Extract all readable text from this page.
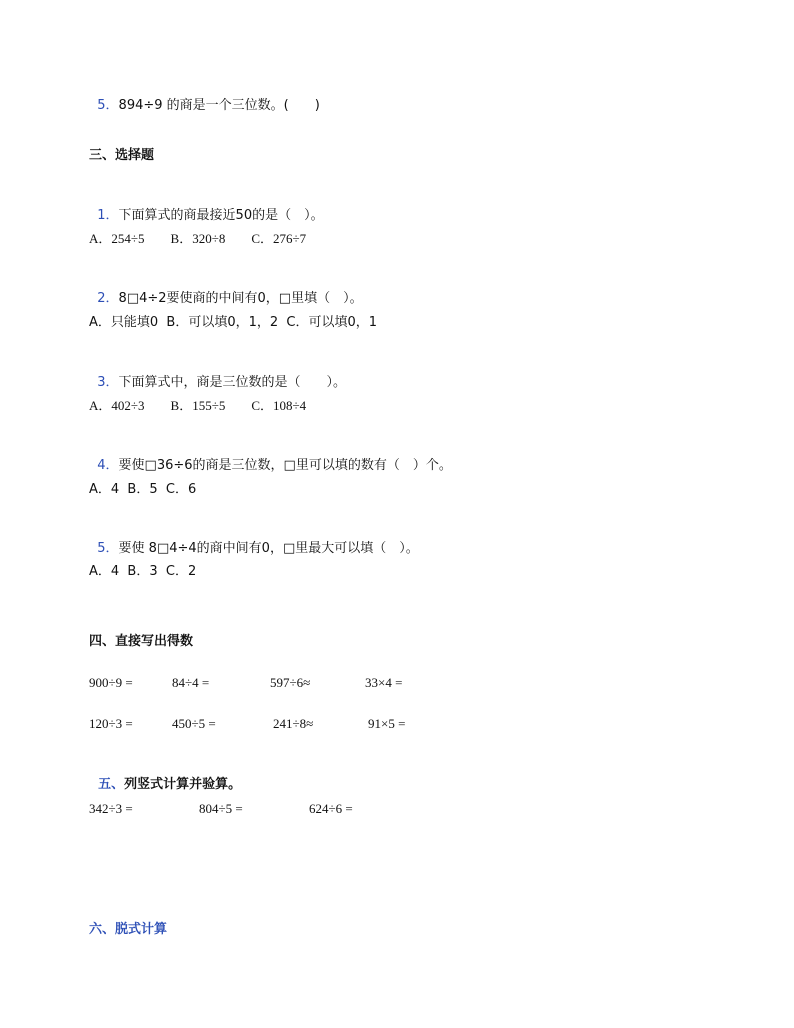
5．894÷9 的商是一个三位数。(　　)

三、选择题

1．下面算式的商最接近50的是（　）。

A．254÷5　　B．320÷8　　C．276÷7

2．8□4÷2要使商的中间有0，□里填（　）。

A．只能填0  B．可以填0，1，2  C．可以填0，1

3．下面算式中，商是三位数的是（　　）。

A．402÷3　　B．155÷5　　C．108÷4

4．要使□36÷6的商是三位数，□里可以填的数有（　）个。

A．4  B．5  C．6

5．要使 8□4÷4的商中间有0，□里最大可以填（　）。

A．4  B．3  C．2
四、直接写出得数
900÷9 =	84÷4 =	597÷6≈	33×4 =
120÷3 =	450÷5 =	241÷8≈	91×5 =

五、列竖式计算并验算。

342÷3 =	804÷5 =	624÷6 =
六、脱式计算
